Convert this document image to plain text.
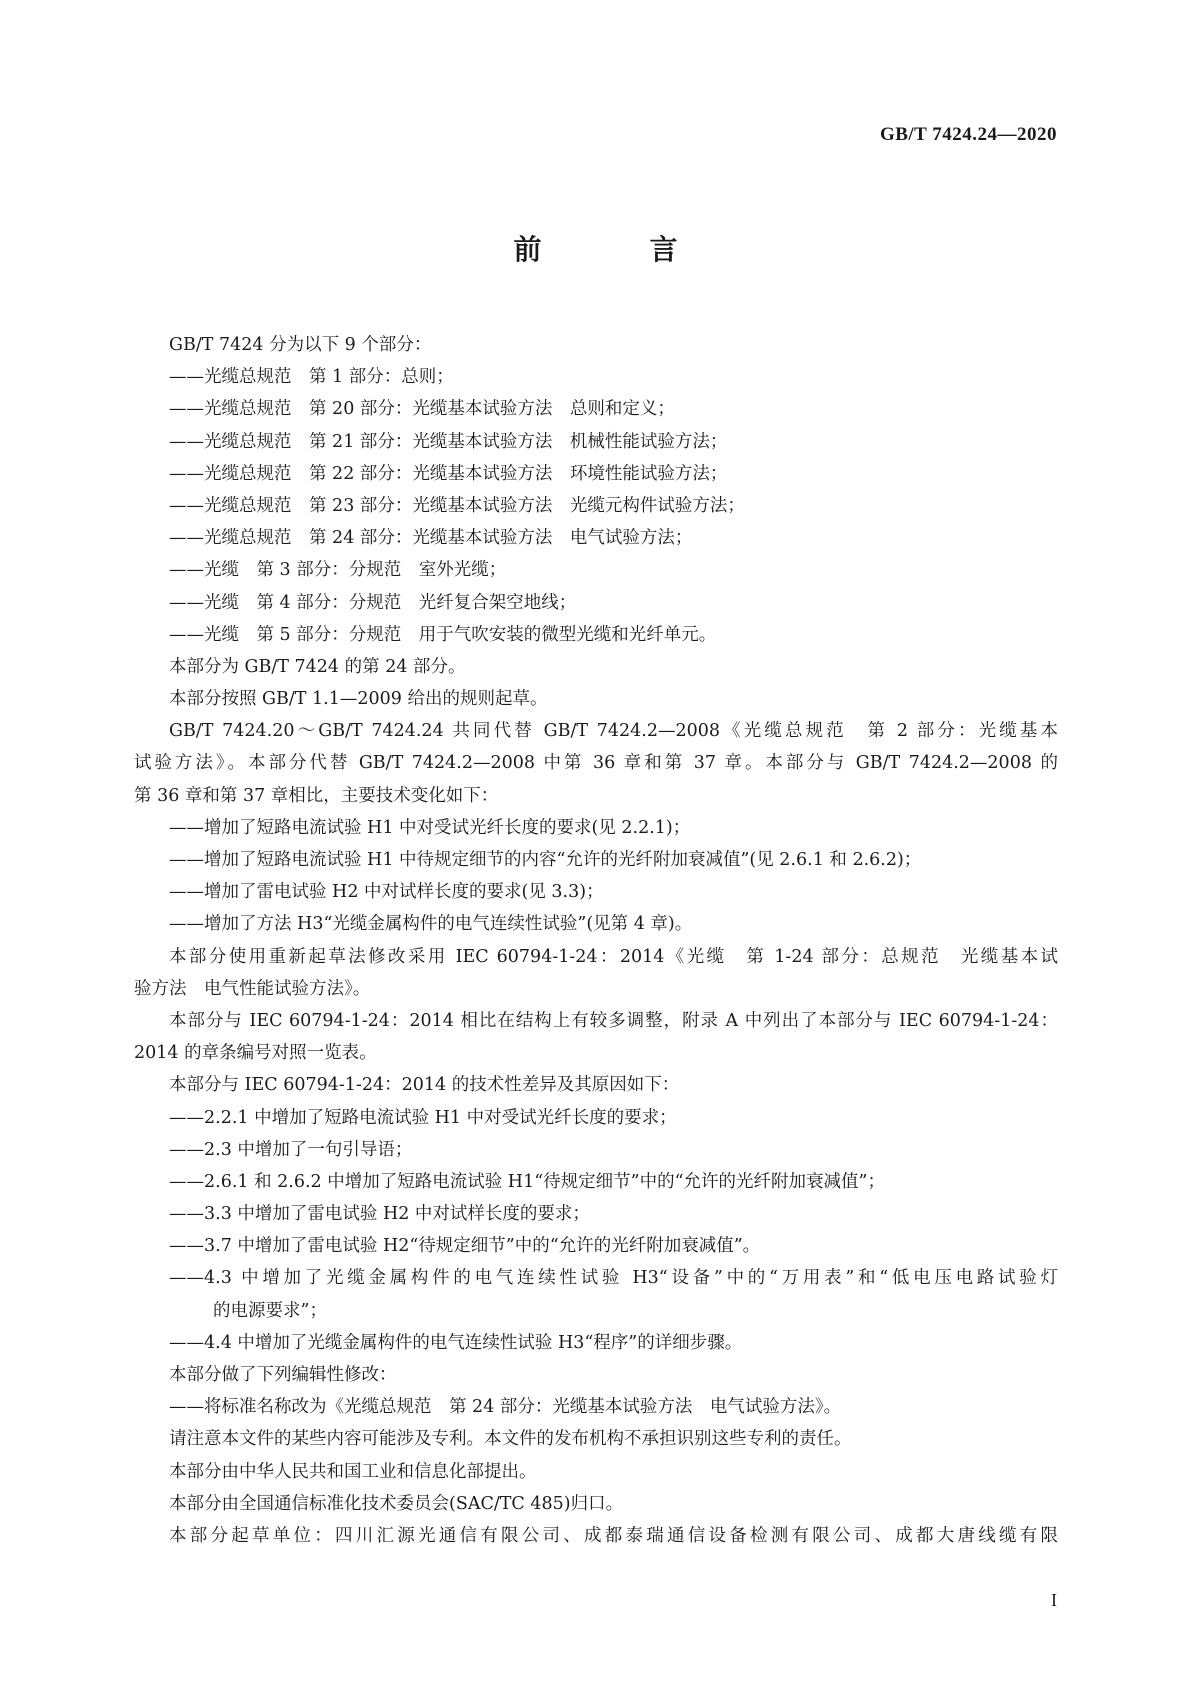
GB/T 7424.24—2020
前　言
GB/T 7424 分为以下 9 个部分：
——光缆总规范　第 1 部分：总则；
——光缆总规范　第 20 部分：光缆基本试验方法　总则和定义；
——光缆总规范　第 21 部分：光缆基本试验方法　机械性能试验方法；
——光缆总规范　第 22 部分：光缆基本试验方法　环境性能试验方法；
——光缆总规范　第 23 部分：光缆基本试验方法　光缆元构件试验方法；
——光缆总规范　第 24 部分：光缆基本试验方法　电气试验方法；
——光缆　第 3 部分：分规范　室外光缆；
——光缆　第 4 部分：分规范　光纤复合架空地线；
——光缆　第 5 部分：分规范　用于气吹安装的微型光缆和光纤单元。
本部分为 GB/T 7424 的第 24 部分。
本部分按照 GB/T 1.1—2009 给出的规则起草。
GB/T 7424.20～GB/T 7424.24 共同代替 GB/T 7424.2—2008《光缆总规范　第 2 部分：光缆基本
试验方法》。本部分代替 GB/T 7424.2—2008 中第 36 章和第 37 章。本部分与 GB/T 7424.2—2008 的
第 36 章和第 37 章相比，主要技术变化如下：
——增加了短路电流试验 H1 中对受试光纤长度的要求(见 2.2.1)；
——增加了短路电流试验 H1 中待规定细节的内容“允许的光纤附加衰减值”(见 2.6.1 和 2.6.2)；
——增加了雷电试验 H2 中对试样长度的要求(见 3.3)；
——增加了方法 H3“光缆金属构件的电气连续性试验”(见第 4 章)。
本部分使用重新起草法修改采用 IEC 60794-1-24：2014《光缆　第 1-24 部分：总规范　光缆基本试
验方法　电气性能试验方法》。
本部分与 IEC 60794-1-24：2014 相比在结构上有较多调整，附录 A 中列出了本部分与 IEC 60794-1-24：
2014 的章条编号对照一览表。
本部分与 IEC 60794-1-24：2014 的技术性差异及其原因如下：
——2.2.1 中增加了短路电流试验 H1 中对受试光纤长度的要求；
——2.3 中增加了一句引导语；
——2.6.1 和 2.6.2 中增加了短路电流试验 H1“待规定细节”中的“允许的光纤附加衰减值”；
——3.3 中增加了雷电试验 H2 中对试样长度的要求；
——3.7 中增加了雷电试验 H2“待规定细节”中的“允许的光纤附加衰减值”。
——4.3 中增加了光缆金属构件的电气连续性试验 H3“设备”中的“万用表”和“低电压电路试验灯
的电源要求”；
——4.4 中增加了光缆金属构件的电气连续性试验 H3“程序”的详细步骤。
本部分做了下列编辑性修改：
——将标准名称改为《光缆总规范　第 24 部分：光缆基本试验方法　电气试验方法》。
请注意本文件的某些内容可能涉及专利。本文件的发布机构不承担识别这些专利的责任。
本部分由中华人民共和国工业和信息化部提出。
本部分由全国通信标准化技术委员会(SAC/TC 485)归口。
本部分起草单位：四川汇源光通信有限公司、成都泰瑞通信设备检测有限公司、成都大唐线缆有限
I
